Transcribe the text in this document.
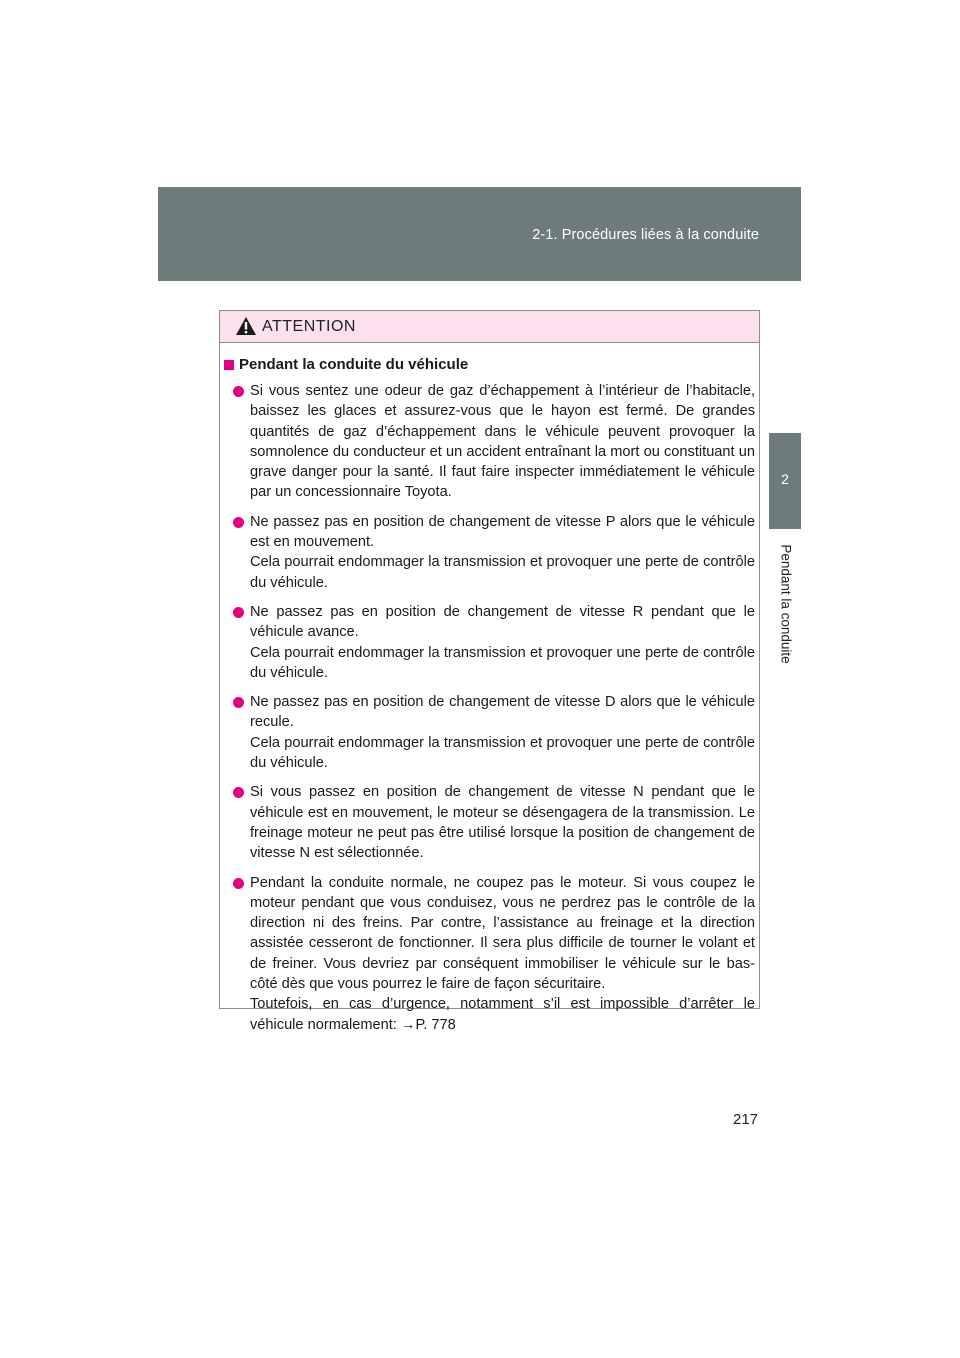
2-1. Procédures liées à la conduite
2
Pendant la conduite
ATTENTION
Pendant la conduite du véhicule
Si vous sentez une odeur de gaz d’échappement à l’intérieur de l’habitacle, baissez les glaces et assurez-vous que le hayon est fermé. De grandes quantités de gaz d’échappement dans le véhicule peuvent provoquer la somnolence du conducteur et un accident entraînant la mort ou constituant un grave danger pour la santé. Il faut faire inspecter immédiatement le véhicule par un concessionnaire Toyota.
Ne passez pas en position de changement de vitesse P alors que le véhicule est en mouvement.
Cela pourrait endommager la transmission et provoquer une perte de contrôle du véhicule.
Ne passez pas en position de changement de vitesse R pendant que le véhicule avance.
Cela pourrait endommager la transmission et provoquer une perte de contrôle du véhicule.
Ne passez pas en position de changement de vitesse D alors que le véhicule recule.
Cela pourrait endommager la transmission et provoquer une perte de contrôle du véhicule.
Si vous passez en position de changement de vitesse N pendant que le véhicule est en mouvement, le moteur se désengagera de la transmission. Le freinage moteur ne peut pas être utilisé lorsque la position de changement de vitesse N est sélectionnée.
Pendant la conduite normale, ne coupez pas le moteur. Si vous coupez le moteur pendant que vous conduisez, vous ne perdrez pas le contrôle de la direction ni des freins. Par contre, l’assistance au freinage et la direction assistée cesseront de fonctionner. Il sera plus difficile de tourner le volant et de freiner. Vous devriez par conséquent immobiliser le véhicule sur le bas-côté dès que vous pourrez le faire de façon sécuritaire.
Toutefois, en cas d’urgence, notamment s’il est impossible d’arrêter le véhicule normalement: →P. 778
217
